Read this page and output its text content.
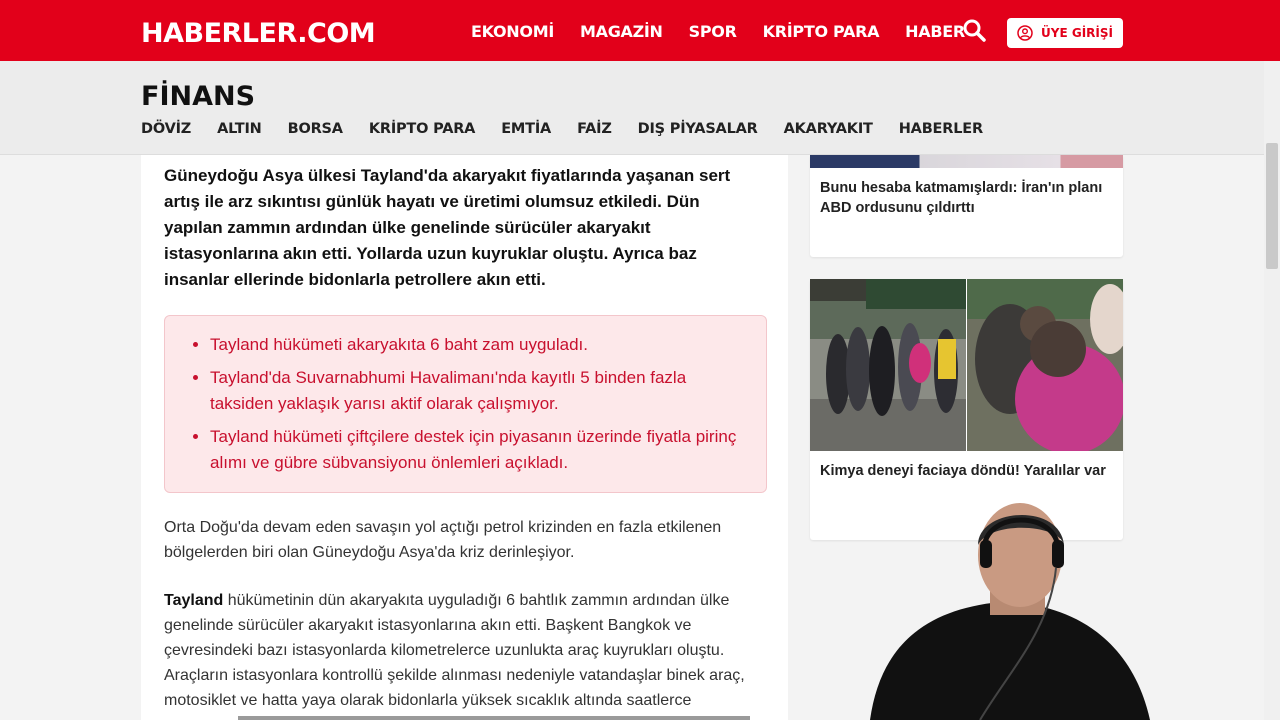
HABERLER.COM	EKONOMİ MAGAZİN SPOR KRİPTO PARA HABER	ÜYE GİRİŞİ
FİNANS
DÖVİZ ALTIN BORSA KRİPTO PARA EMTİA FAİZ DIŞ PİYASALAR AKARYAKIT HABERLER

Güneydoğu Asya ülkesi Tayland'da akaryakıt fiyatlarında yaşanan sert artış ile arz sıkıntısı günlük hayatı ve üretimi olumsuz etkiledi. Dün yapılan zammın ardından ülke genelinde sürücüler akaryakıt istasyonlarına akın etti. Yollarda uzun kuyruklar oluştu. Ayrıca baz insanlar ellerinde bidonlarla petrollere akın etti.

• Tayland hükümeti akaryakıta 6 baht zam uyguladı.
• Tayland'da Suvarnabhumi Havalimanı'nda kayıtlı 5 binden fazla taksiden yaklaşık yarısı aktif olarak çalışmıyor.
• Tayland hükümeti çiftçilere destek için piyasanın üzerinde fiyatla pirinç alımı ve gübre sübvansiyonu önlemleri açıkladı.

Orta Doğu'da devam eden savaşın yol açtığı petrol krizinden en fazla etkilenen bölgelerden biri olan Güneydoğu Asya'da kriz derinleşiyor.

Tayland hükümetinin dün akaryakıta uyguladığı 6 bahtlık zammın ardından ülke genelinde sürücüler akaryakıt istasyonlarına akın etti. Başkent Bangkok ve çevresindeki bazı istasyonlarda kilometrelerce uzunlukta araç kuyrukları oluştu. Araçların istasyonlara kontrollü şekilde alınması nedeniyle vatandaşlar binek araç, motosiklet ve hatta yaya olarak bidonlarla yüksek sıcaklık altında saatlerce

Bunu hesaba katmamışlardı: İran'ın planı ABD ordusunu çıldırttı
Kimya deneyi faciaya döndü! Yaralılar var
